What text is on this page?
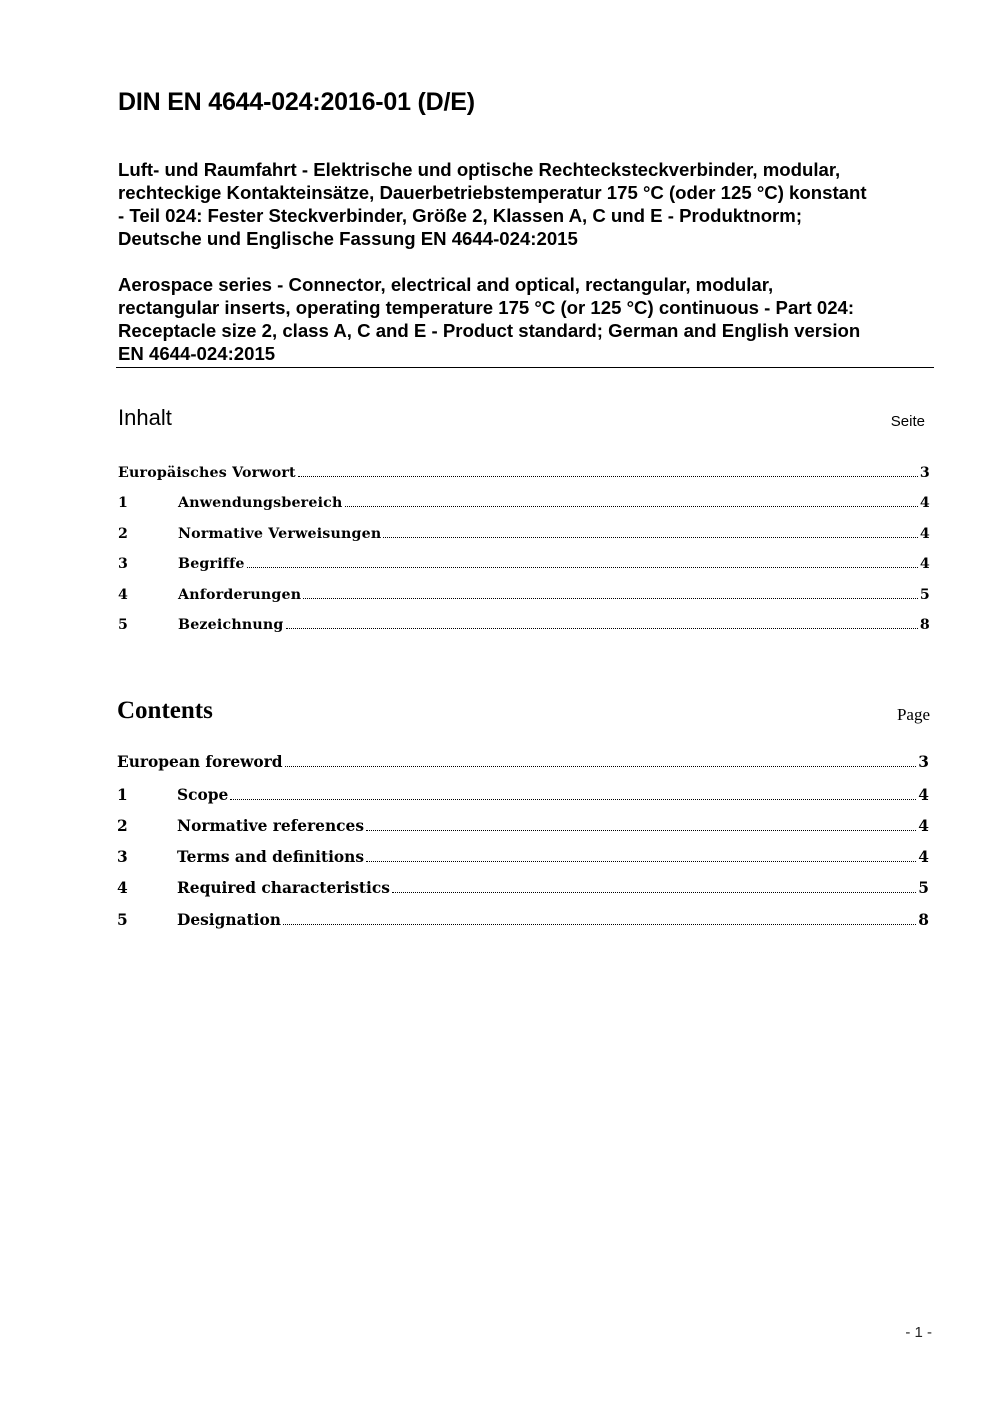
DIN EN 4644-024:2016-01 (D/E)
Luft- und Raumfahrt - Elektrische und optische Rechtecksteckverbinder, modular,
rechteckige Kontakteinsätze, Dauerbetriebstemperatur 175 °C (oder 125 °C) konstant
- Teil 024: Fester Steckverbinder, Größe 2, Klassen A, C und E - Produktnorm;
Deutsche und Englische Fassung EN 4644-024:2015
Aerospace series - Connector, electrical and optical, rectangular, modular,
rectangular inserts, operating temperature 175 °C (or 125 °C) continuous - Part 024:
Receptacle size 2, class A, C and E - Product standard; German and English version
EN 4644-024:2015
Inhalt	Seite
Europäisches Vorwort	3
1	Anwendungsbereich	4
2	Normative Verweisungen	4
3	Begriffe	4
4	Anforderungen	5
5	Bezeichnung	8
Contents	Page
European foreword	3
1	Scope	4
2	Normative references	4
3	Terms and definitions	4
4	Required characteristics	5
5	Designation	8
- 1 -
